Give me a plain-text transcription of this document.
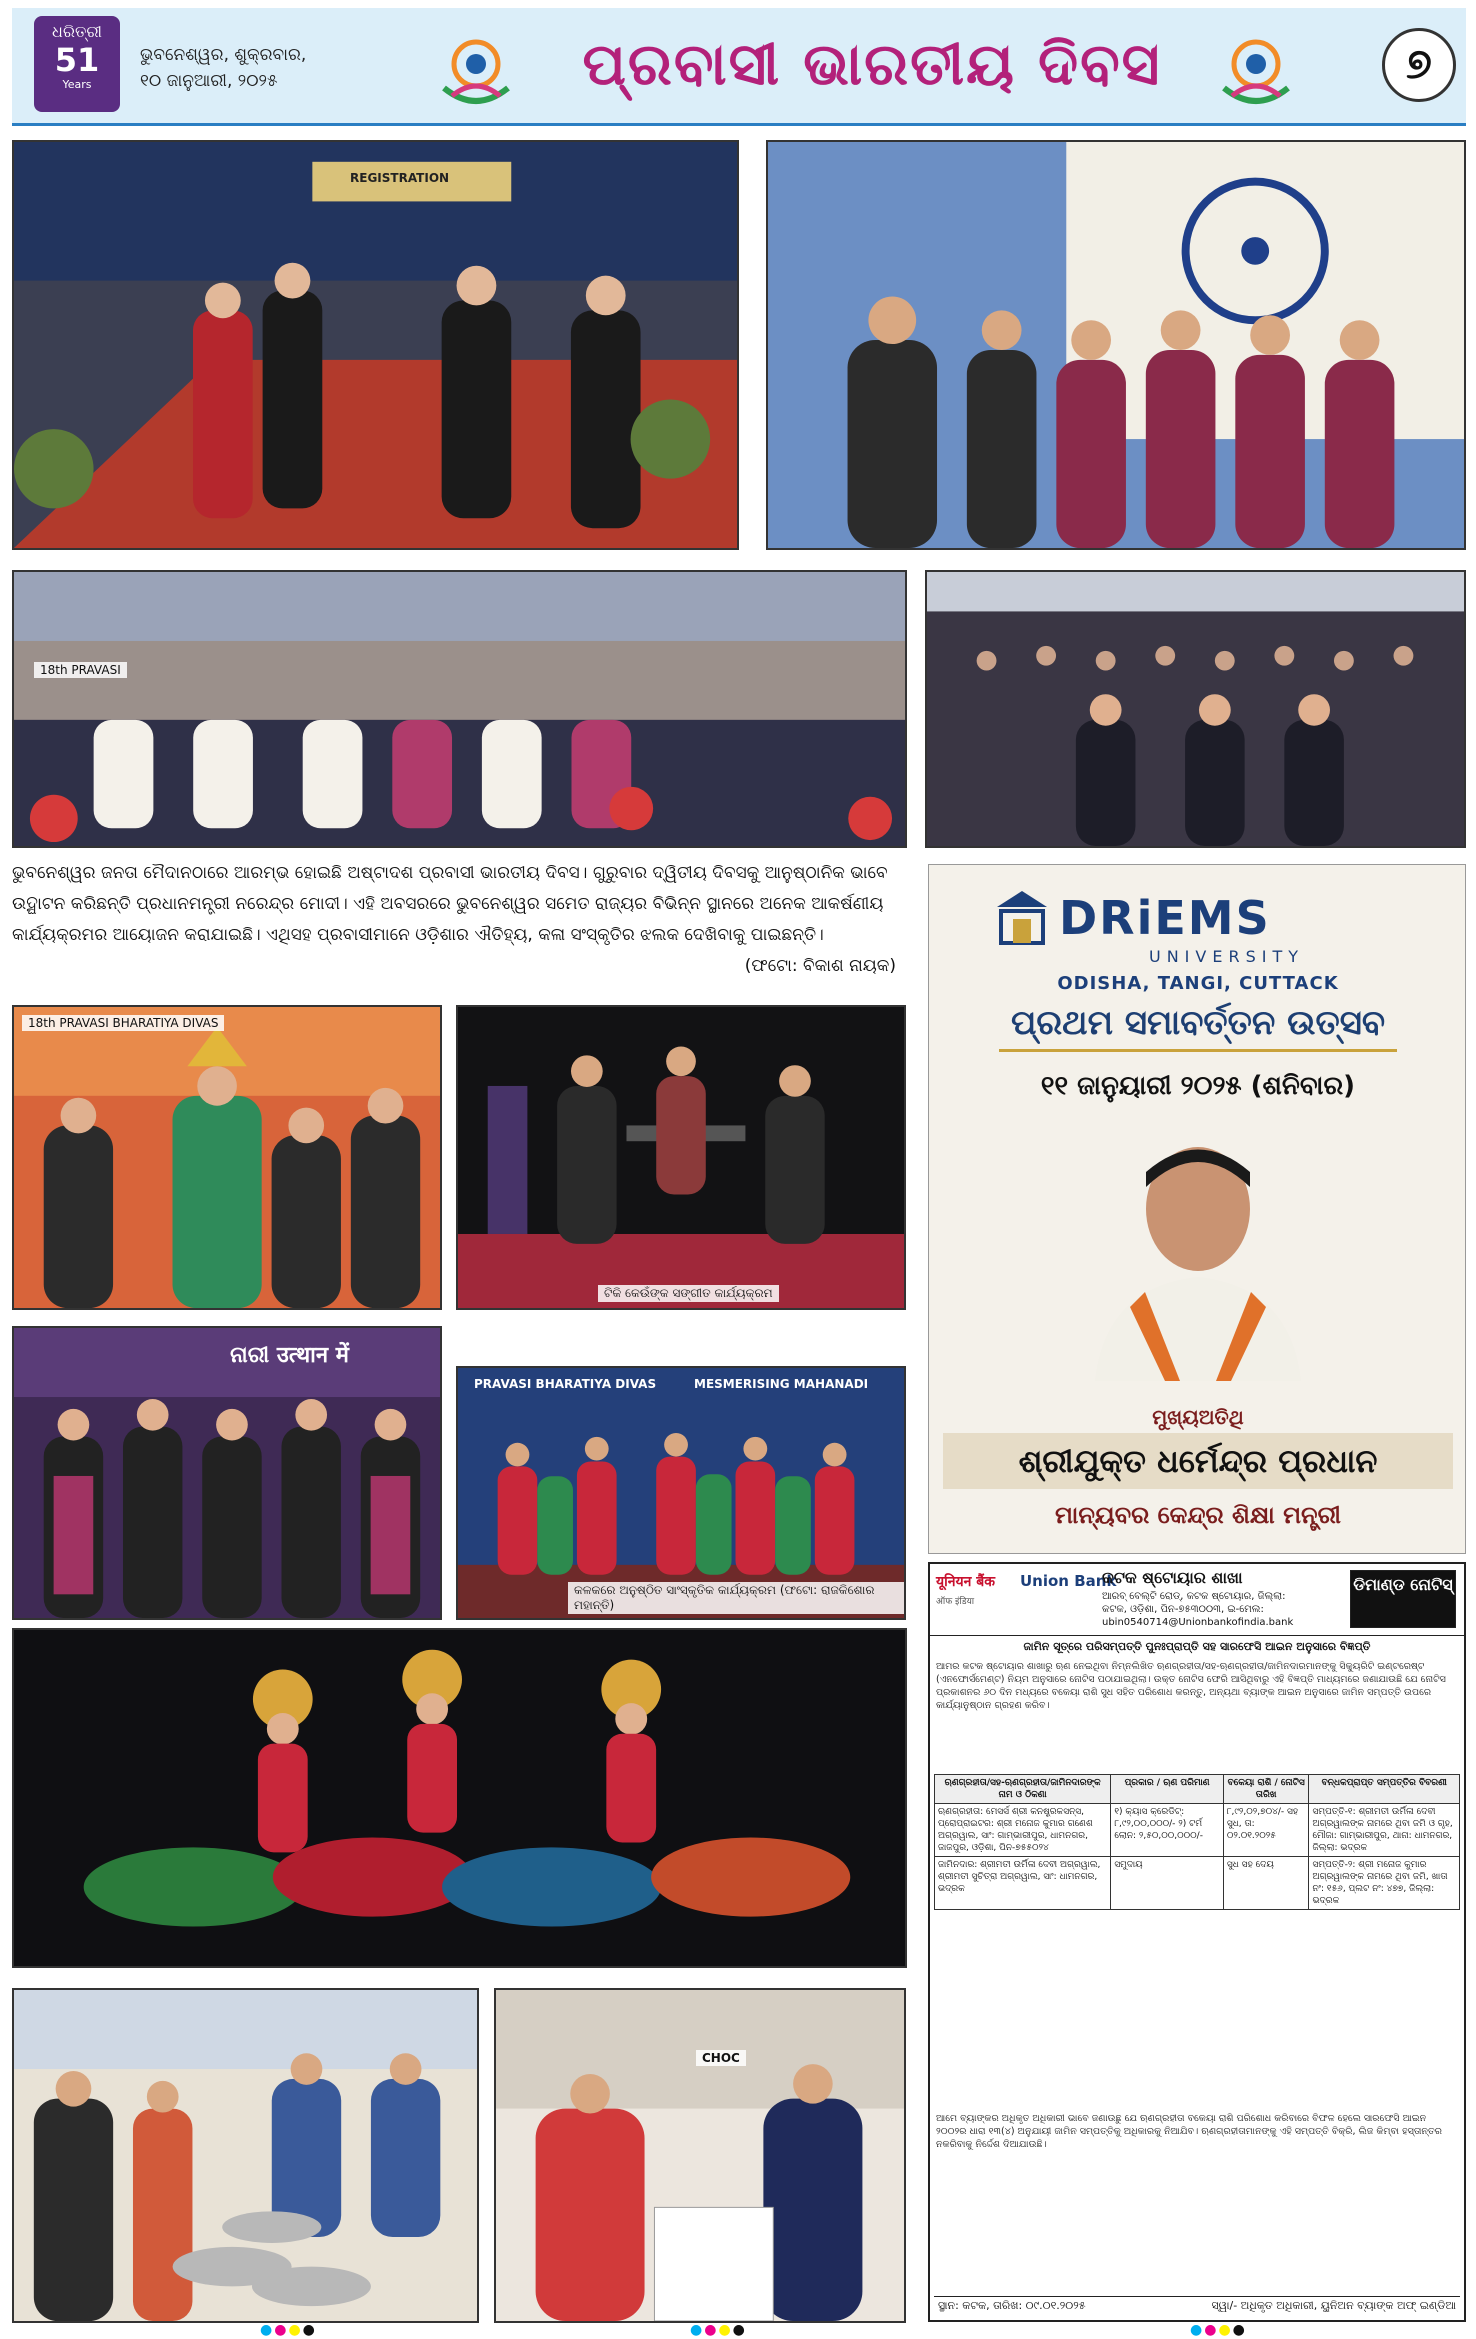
ଧରିତ୍ରୀ
51
Years
ଭୁବନେଶ୍ୱର, ଶୁକ୍ରବାର,
୧୦ ଜାନୁଆରୀ, ୨୦୨୫	ପ୍ରବାସୀ ଭାରତୀୟ ଦିବସ	୭
REGISTRATION
18th PRAVASI
ଭୁବନେଶ୍ୱର ଜନତା ମୈଦାନଠାରେ ଆରମ୍ଭ ହୋଇଛି ଅଷ୍ଟାଦଶ ପ୍ରବାସୀ ଭାରତୀୟ ଦିବସ। ଗୁରୁବାର ଦ୍ୱିତୀୟ ଦିବସକୁ ଆନୁଷ୍ଠାନିକ ଭାବେ ଉଦ୍ଘାଟନ କରିଛନ୍ତି ପ୍ରଧାନମନ୍ତ୍ରୀ ନରେନ୍ଦ୍ର ମୋଦୀ। ଏହି ଅବସରରେ ଭୁବନେଶ୍ୱର ସମେତ ରାଜ୍ୟର ବିଭିନ୍ନ ସ୍ଥାନରେ ଅନେକ ଆକର୍ଷଣୀୟ କାର୍ଯ୍ୟକ୍ରମର ଆୟୋଜନ କରାଯାଇଛି। ଏଥିସହ ପ୍ରବାସୀମାନେ ଓଡ଼ିଶାର ଐତିହ୍ୟ, କଳା ସଂସ୍କୃତିର ଝଲକ ଦେଖିବାକୁ ପାଇଛନ୍ତି।
(ଫଟୋ: ବିକାଶ ନାୟକ)
18th PRAVASI BHARATIYA DIVAS
ଟିକି କେଉଁଙ୍କ ସଙ୍ଗୀତ କାର୍ଯ୍ୟକ୍ରମ
ନାରୀ उत्थान में
PRAVASI BHARATIYA DIVAS	MESMERISING MAHANADI
କଳକରେ ଅନୁଷ୍ଠିତ ସାଂସ୍କୃତିକ କାର୍ଯ୍ୟକ୍ରମ (ଫଟୋ: ରାଜକିଶୋର ମହାନ୍ତି)
CHOC
DRiEMS
UNIVERSITY
ODISHA, TANGI, CUTTACK
ପ୍ରଥମ ସମାବର୍ତ୍ତନ ଉତ୍ସବ
୧୧ ଜାନୁୟାରୀ ୨୦୨୫ (ଶନିବାର)
ମୁଖ୍ୟଅତିଥି
ଶ୍ରୀଯୁକ୍ତ ଧର୍ମେନ୍ଦ୍ର ପ୍ରଧାନ
ମାନ୍ୟବର କେନ୍ଦ୍ର ଶିକ୍ଷା ମନ୍ତ୍ରୀ
यूनियन बैंक
ऑफ इंडिया
Union Bank
କଟକ ଷ୍ଟୋୟାର ଶାଖା
ଆରବ୍ ବେଲ୍ଟି ରୋଡ୍, କଟକ ଷ୍ଟୋୟାର, ଜିଲ୍ଲା: କଟକ, ଓଡ଼ିଶା, ପିନ-୭୫୩୦୦୩, ଇ-ମେଲ: ubin0540714@Unionbankofindia.bank
ଡିମାଣ୍ଡ ନୋଟିସ୍
ଜାମିନ ସୂତ୍ରେ ପରିସମ୍ପତ୍ତି ପୁନଃପ୍ରାପ୍ତି ସହ ସାରଫେସି ଆଇନ ଅନୁସାରେ ବିଜ୍ଞପ୍ତି
ଆମର କଟକ ଷ୍ଟୋୟାର ଶାଖାରୁ ଋଣ ନେଇଥିବା ନିମ୍ନଲିଖିତ ଋଣଗ୍ରହୀତା/ସହ-ଋଣଗ୍ରହୀତା/ଜାମିନଦାରମାନଙ୍କୁ ସିକ୍ୟୁରିଟି ଇଣ୍ଟରେଷ୍ଟ (ଏନଫୋର୍ସମେଣ୍ଟ) ନିୟମ ଅନୁସାରେ ନୋଟିସ ପଠାଯାଇଥିଲା। ଉକ୍ତ ନୋଟିସ ଫେରି ଆସିଥିବାରୁ ଏହି ବିଜ୍ଞପ୍ତି ମାଧ୍ୟମରେ ଜଣାଯାଉଛି ଯେ ନୋଟିସ ପ୍ରକାଶନର ୬୦ ଦିନ ମଧ୍ୟରେ ବକେୟା ରାଶି ସୁଧ ସହିତ ପରିଶୋଧ କରନ୍ତୁ, ଅନ୍ୟଥା ବ୍ୟାଙ୍କ ଆଇନ ଅନୁସାରେ ଜାମିନ ସମ୍ପତ୍ତି ଉପରେ କାର୍ଯ୍ୟାନୁଷ୍ଠାନ ଗ୍ରହଣ କରିବ।
ଋଣଗ୍ରହୀତା/ସହ-ଋଣଗ୍ରହୀତା/ଜାମିନଦାରଙ୍କ ନାମ ଓ ଠିକଣା	ପ୍ରକାର / ଋଣ ପରିମାଣ	ବକେୟା ରାଶି / ନୋଟିସ ତାରିଖ	ବନ୍ଧକପ୍ରାପ୍ତ ସମ୍ପତ୍ତିର ବିବରଣୀ
ଋଣଗ୍ରହୀତା: ମେସର୍ସ ଶ୍ରୀ କନଷ୍ଟ୍ରକସନ୍ସ, ପ୍ରୋପ୍ରାଇଟର: ଶ୍ରୀ ମନୋଜ କୁମାର ଗଣେଶ ଅଗ୍ରୱାଲ, ସାଂ: ଗାମ୍ଭାରୀପୁର, ଧାମନଗର, ଜାଜପୁର, ଓଡ଼ିଶା, ପିନ-୭୫୫୦୨୪	୧) କ୍ୟାସ କ୍ରେଡିଟ୍: ୮,୯୨,୦୦,୦୦୦/- ୨) ଟର୍ମ ଲୋନ: ୨,୫୦,୦୦,୦୦୦/-	୮,୯୨,୦୨,୭୦୪/- ସହ ସୁଧ, ତା: ୦୨.୦୧.୨୦୨୫	ସମ୍ପତ୍ତି-୧: ଶ୍ରୀମତୀ ଉର୍ମିଳା ଦେବୀ ଅଗ୍ରୱାଲଙ୍କ ନାମରେ ଥିବା ଜମି ଓ ଗୃହ, ମୌଜା: ଗାମ୍ଭାରୀପୁର, ଥାନା: ଧାମନଗର, ଜିଲ୍ଲା: ଭଦ୍ରକ
ଜାମିନଦାର: ଶ୍ରୀମତୀ ଉର୍ମିଳା ଦେବୀ ଅଗ୍ରୱାଲ, ଶ୍ରୀମତୀ ସୁଚିତ୍ରା ଅଗ୍ରୱାଲ, ସାଂ: ଧାମନଗର, ଭଦ୍ରକ	ସମୁଦାୟ	ସୁଧ ସହ ଦେୟ	ସମ୍ପତ୍ତି-୨: ଶ୍ରୀ ମନୋଜ କୁମାର ଅଗ୍ରୱାଲଙ୍କ ନାମରେ ଥିବା ଜମି, ଖାତା ନଂ: ୧୫୬, ପ୍ଲଟ ନଂ: ୪୭୭, ଜିଲ୍ଲା: ଭଦ୍ରକ
ଆମେ ବ୍ୟାଙ୍କର ଅଧିକୃତ ଅଧିକାରୀ ଭାବେ ଜଣାଉଛୁ ଯେ ଋଣଗ୍ରହୀତା ବକେୟା ରାଶି ପରିଶୋଧ କରିବାରେ ବିଫଳ ହେଲେ ସାରଫେସି ଆଇନ ୨୦୦୨ର ଧାରା ୧୩(୪) ଅନୁଯାୟୀ ଜାମିନ ସମ୍ପତ୍ତିକୁ ଅଧିକାରକୁ ନିଆଯିବ। ଋଣଗ୍ରହୀତାମାନଙ୍କୁ ଏହି ସମ୍ପତ୍ତି ବିକ୍ରି, ଲିଜ କିମ୍ବା ହସ୍ତାନ୍ତର ନକରିବାକୁ ନିର୍ଦ୍ଦେଶ ଦିଆଯାଉଛି।
ସ୍ଥାନ: କଟକ, ତାରିଖ: ୦୯.୦୧.୨୦୨୫	ସ୍ୱା/- ଅଧିକୃତ ଅଧିକାରୀ, ୟୁନିଅନ ବ୍ୟାଙ୍କ ଅଫ୍ ଇଣ୍ଡିଆ
●●●●	●●●●	●●●●
